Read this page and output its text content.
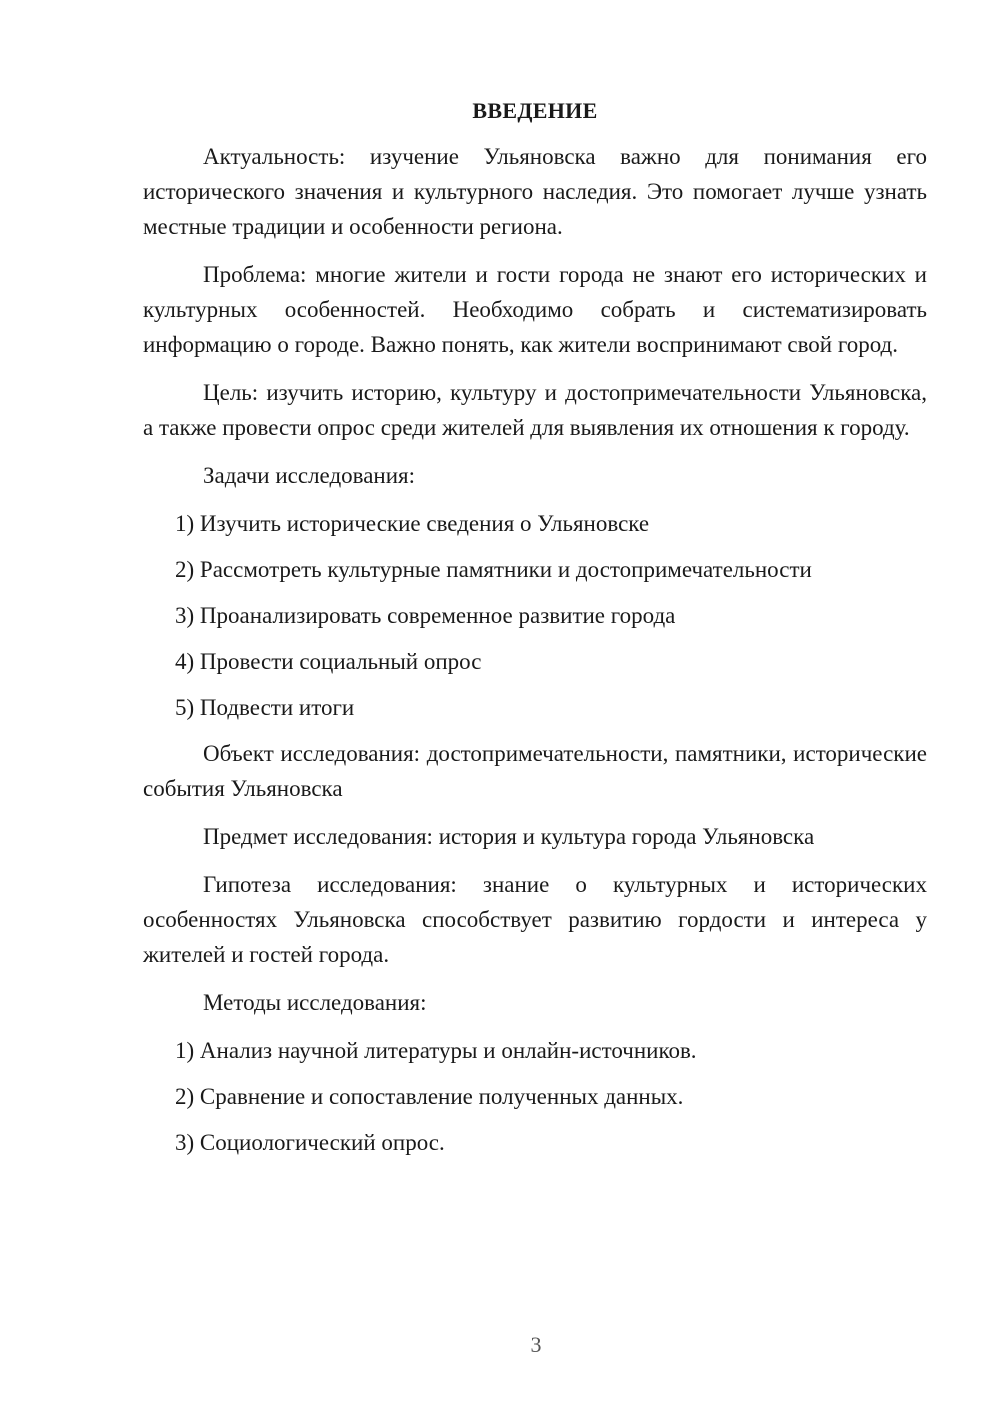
ВВЕДЕНИЕ

Актуальность: изучение Ульяновска важно для понимания его исторического значения и культурного наследия. Это помогает лучше узнать местные традиции и особенности региона.

Проблема: многие жители и гости города не знают его исторических и культурных особенностей. Необходимо собрать и систематизировать информацию о городе. Важно понять, как жители воспринимают свой город.

Цель: изучить историю, культуру и достопримечательности Ульяновска, а также провести опрос среди жителей для выявления их отношения к городу.

Задачи исследования:

1) Изучить исторические сведения о Ульяновске
2) Рассмотреть культурные памятники и достопримечательности
3) Проанализировать современное развитие города
4) Провести социальный опрос
5) Подвести итоги

Объект исследования: достопримечательности, памятники, исторические события Ульяновска

Предмет исследования: история и культура города Ульяновска

Гипотеза исследования: знание о культурных и исторических особенностях Ульяновска способствует развитию гордости и интереса у жителей и гостей города.

Методы исследования:

1) Анализ научной литературы и онлайн-источников.
2) Сравнение и сопоставление полученных данных.
3) Социологический опрос.
3
